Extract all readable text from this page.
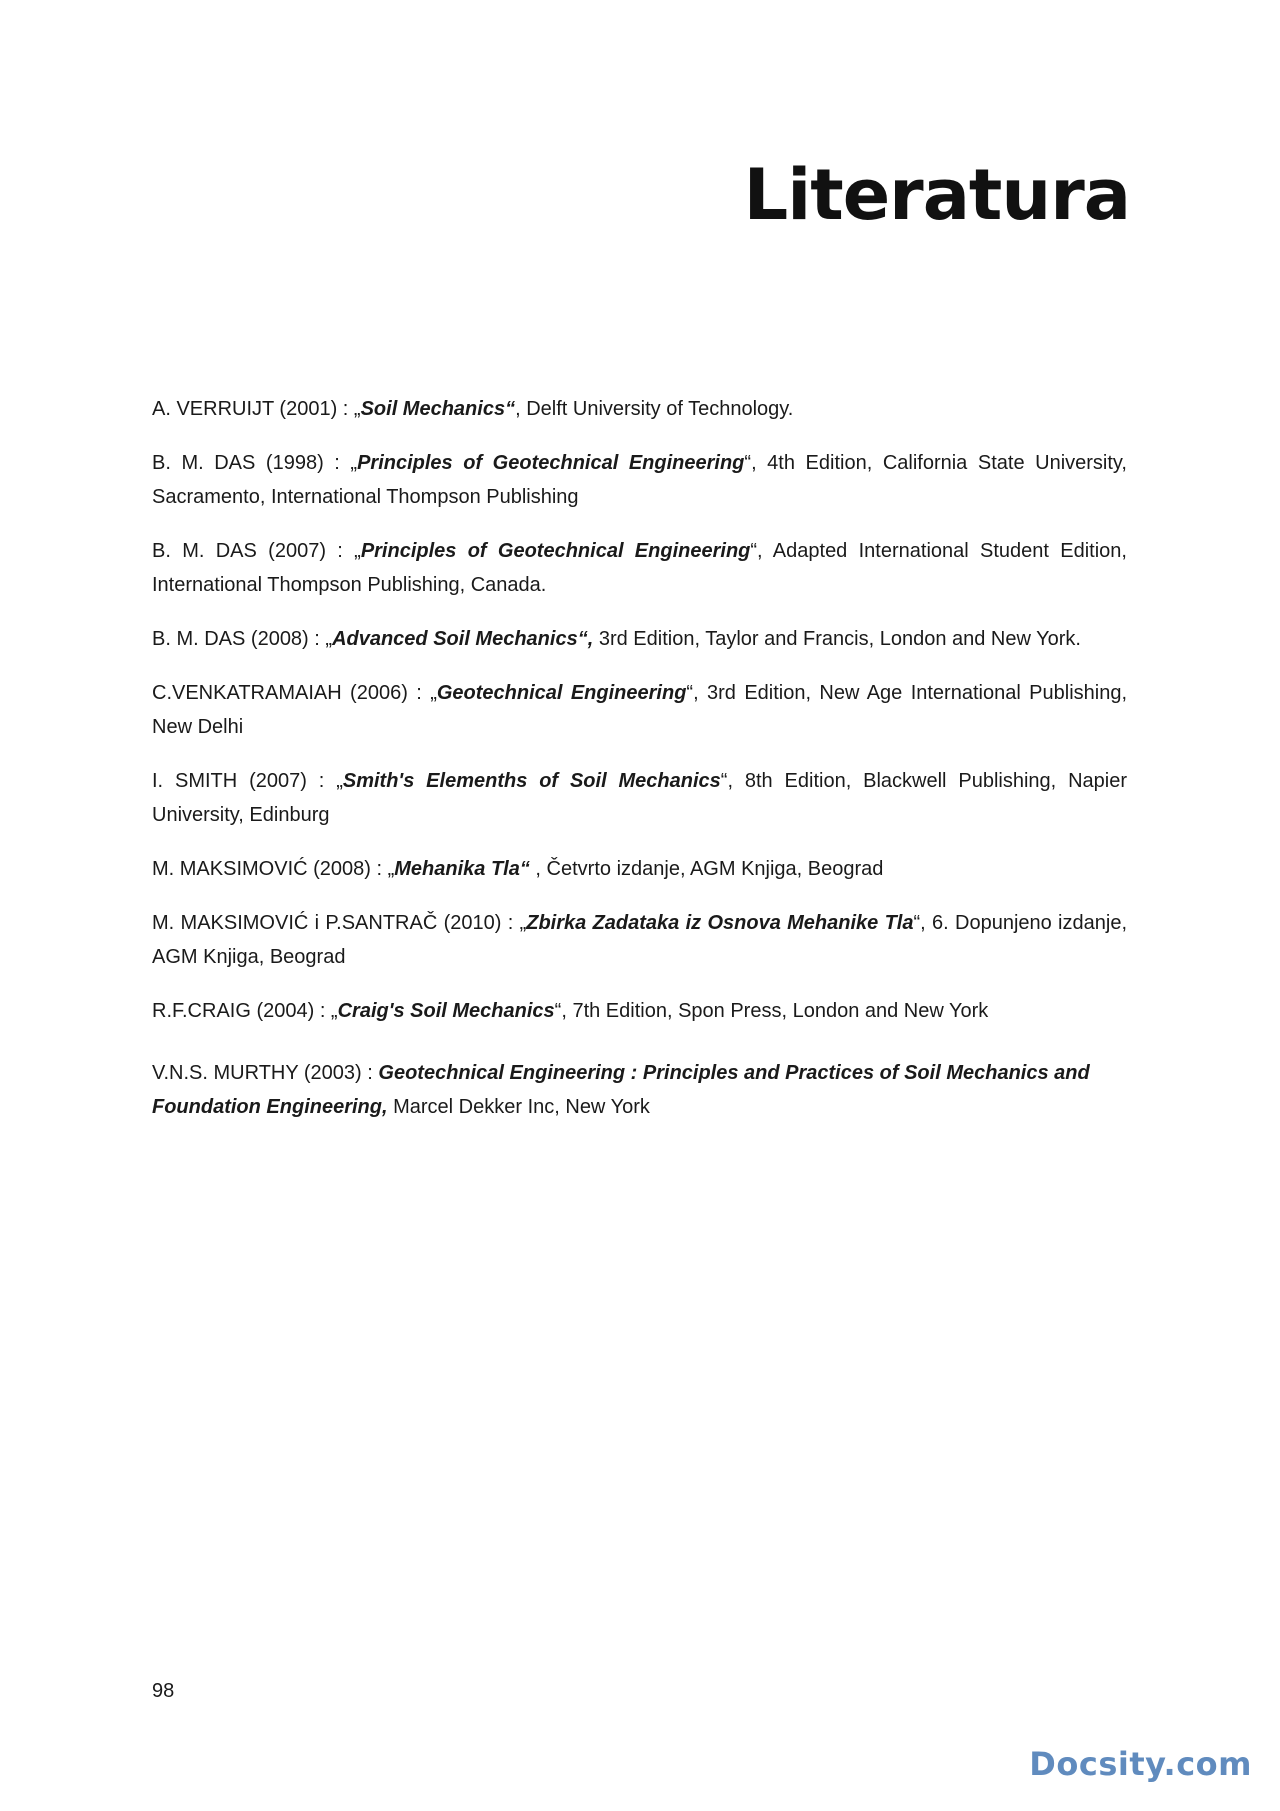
Literatura
A. VERRUIJT (2001) : „Soil Mechanics“, Delft University of Technology.
B. M. DAS (1998) : „Principles of Geotechnical Engineering“, 4th Edition, California State University, Sacramento, International Thompson Publishing
B. M. DAS (2007) : „Principles of Geotechnical Engineering“, Adapted International Student Edition, International Thompson Publishing, Canada.
B. M. DAS (2008) : „Advanced Soil Mechanics“, 3rd Edition, Taylor and Francis, London and New York.
C.VENKATRAMAIAH (2006) : „Geotechnical Engineering“, 3rd Edition, New Age International Publishing, New Delhi
I. SMITH (2007) : „Smith's Elemenths of Soil Mechanics“, 8th Edition, Blackwell Publishing, Napier University, Edinburg
M. MAKSIMOVIĆ (2008) : „Mehanika Tla“ , Četvrto izdanje, AGM Knjiga, Beograd
M. MAKSIMOVIĆ i P.SANTRAČ (2010) : „Zbirka Zadataka iz Osnova Mehanike Tla“, 6. Dopunjeno izdanje, AGM Knjiga, Beograd
R.F.CRAIG (2004) : „Craig's Soil Mechanics“, 7th Edition, Spon Press, London and New York
V.N.S. MURTHY (2003) : Geotechnical Engineering : Principles and Practices of Soil Mechanics and Foundation Engineering, Marcel Dekker Inc, New York
98
Docsity.com
